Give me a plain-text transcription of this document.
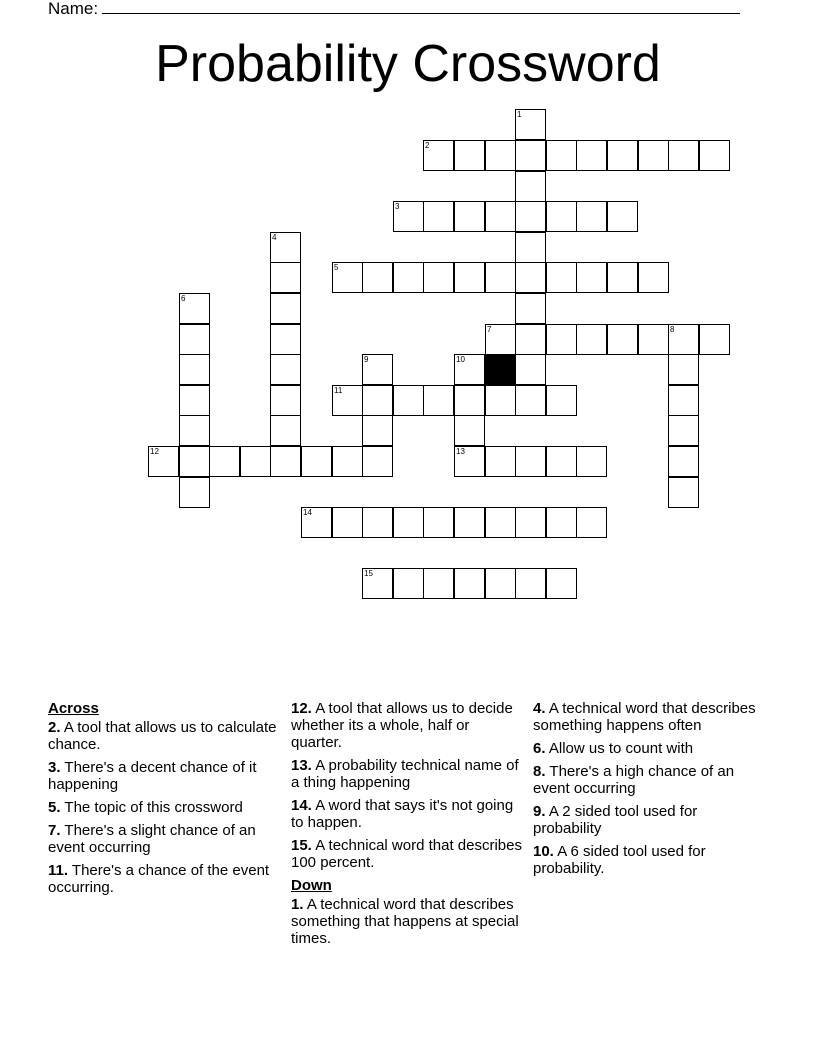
Name:
Probability Crossword
1
2
3
4
5
6
7	8
9	10
11
12	13
14
15
Across
2. A tool that allows us to calculate chance.
3. There's a decent chance of it happening
5. The topic of this crossword
7. There's a slight chance of an event occurring
11. There's a chance of the event occurring.
12. A tool that allows us to decide whether its a whole, half or quarter.
13. A probability technical name of a thing happening
14. A word that says it's not going to happen.
15. A technical word that describes 100 percent.
Down
1. A technical word that describes something that happens at special times.
4. A technical word that describes something happens often
6. Allow us to count with
8. There's a high chance of an event occurring
9. A 2 sided tool used for probability
10. A 6 sided tool used for probability.
